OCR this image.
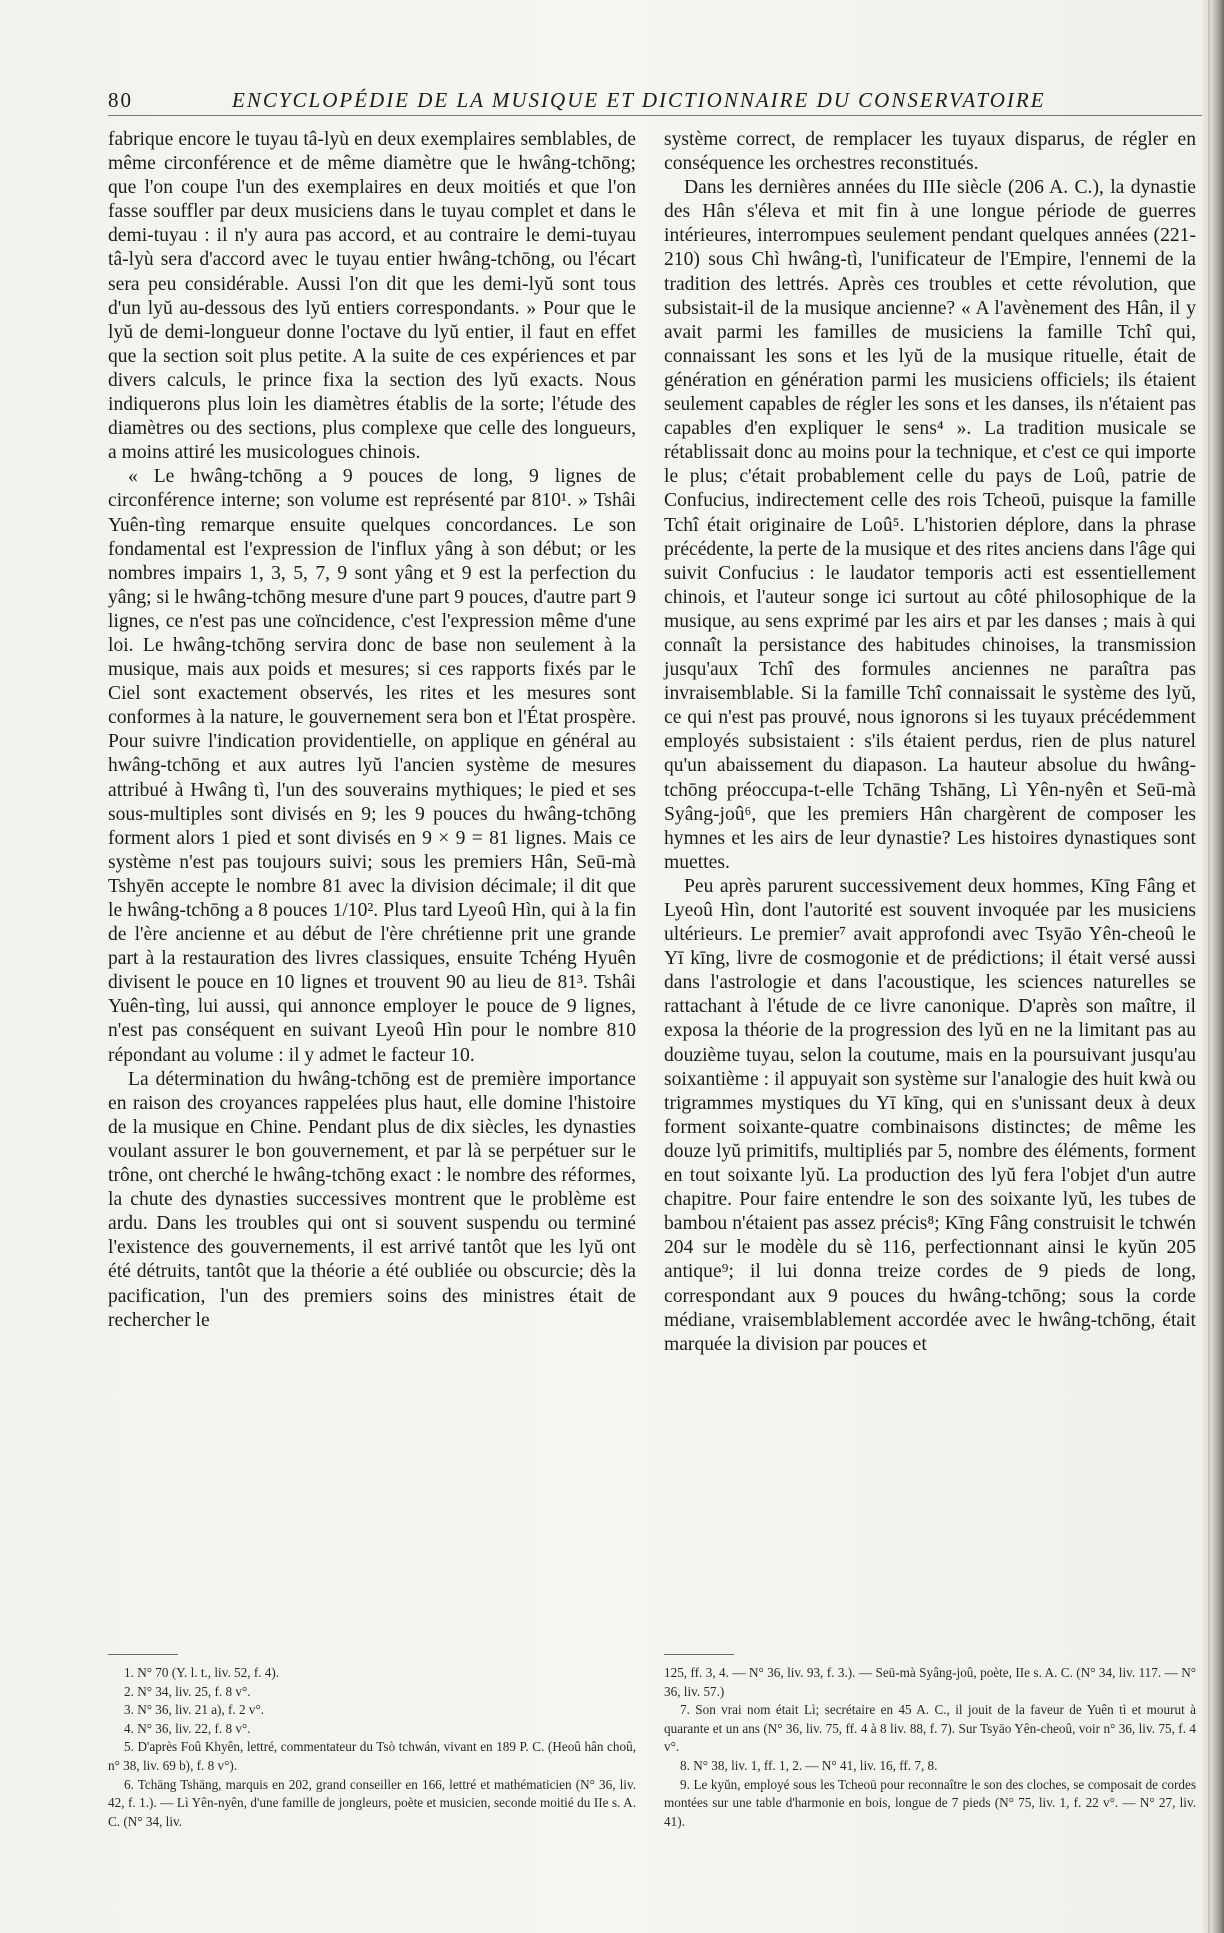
80	ENCYCLOPÉDIE DE LA MUSIQUE ET DICTIONNAIRE DU CONSERVATOIRE

fabrique encore le tuyau tâ-lyù en deux exemplaires semblables, de même circonférence et de même diamètre que le hwâng-tchōng; que l'on coupe l'un des exemplaires en deux moitiés et que l'on fasse souffler par deux musiciens dans le tuyau complet et dans le demi-tuyau : il n'y aura pas accord, et au contraire le demi-tuyau tâ-lyù sera d'accord avec le tuyau entier hwâng-tchōng, ou l'écart sera peu considérable. Aussi l'on dit que les demi-lyŭ sont tous d'un lyŭ au-dessous des lyŭ entiers correspondants. » Pour que le lyŭ de demi-longueur donne l'octave du lyŭ entier, il faut en effet que la section soit plus petite. A la suite de ces expériences et par divers calculs, le prince fixa la section des lyŭ exacts. Nous indiquerons plus loin les diamètres établis de la sorte; l'étude des diamètres ou des sections, plus complexe que celle des longueurs, a moins attiré les musicologues chinois.

« Le hwâng-tchōng a 9 pouces de long, 9 lignes de circonférence interne; son volume est représenté par 810¹. » Tshâi Yuên-tìng remarque ensuite quelques concordances. Le son fondamental est l'expression de l'influx yâng à son début; or les nombres impairs 1, 3, 5, 7, 9 sont yâng et 9 est la perfection du yâng; si le hwâng-tchōng mesure d'une part 9 pouces, d'autre part 9 lignes, ce n'est pas une coïncidence, c'est l'expression même d'une loi. Le hwâng-tchōng servira donc de base non seulement à la musique, mais aux poids et mesures; si ces rapports fixés par le Ciel sont exactement observés, les rites et les mesures sont conformes à la nature, le gouvernement sera bon et l'État prospère. Pour suivre l'indication providentielle, on applique en général au hwâng-tchōng et aux autres lyŭ l'ancien système de mesures attribué à Hwâng tì, l'un des souverains mythiques; le pied et ses sous-multiples sont divisés en 9; les 9 pouces du hwâng-tchōng forment alors 1 pied et sont divisés en 9 × 9 = 81 lignes. Mais ce système n'est pas toujours suivi; sous les premiers Hân, Seū-mà Tshyēn accepte le nombre 81 avec la division décimale; il dit que le hwâng-tchōng a 8 pouces 1/10². Plus tard Lyeoû Hìn, qui à la fin de l'ère ancienne et au début de l'ère chrétienne prit une grande part à la restauration des livres classiques, ensuite Tchéng Hyuên divisent le pouce en 10 lignes et trouvent 90 au lieu de 81³. Tshâi Yuên-tìng, lui aussi, qui annonce employer le pouce de 9 lignes, n'est pas conséquent en suivant Lyeoû Hìn pour le nombre 810 répondant au volume : il y admet le facteur 10.

La détermination du hwâng-tchōng est de première importance en raison des croyances rappelées plus haut, elle domine l'histoire de la musique en Chine. Pendant plus de dix siècles, les dynasties voulant assurer le bon gouvernement, et par là se perpétuer sur le trône, ont cherché le hwâng-tchōng exact : le nombre des réformes, la chute des dynasties successives montrent que le problème est ardu. Dans les troubles qui ont si souvent suspendu ou terminé l'existence des gouvernements, il est arrivé tantôt que les lyŭ ont été détruits, tantôt que la théorie a été oubliée ou obscurcie; dès la pacification, l'un des premiers soins des ministres était de rechercher le

système correct, de remplacer les tuyaux disparus, de régler en conséquence les orchestres reconstitués.

Dans les dernières années du IIIe siècle (206 A. C.), la dynastie des Hân s'éleva et mit fin à une longue période de guerres intérieures, interrompues seulement pendant quelques années (221-210) sous Chì hwâng-tì, l'unificateur de l'Empire, l'ennemi de la tradition des lettrés. Après ces troubles et cette révolution, que subsistait-il de la musique ancienne? « A l'avènement des Hân, il y avait parmi les familles de musiciens la famille Tchî qui, connaissant les sons et les lyŭ de la musique rituelle, était de génération en génération parmi les musiciens officiels; ils étaient seulement capables de régler les sons et les danses, ils n'étaient pas capables d'en expliquer le sens⁴ ». La tradition musicale se rétablissait donc au moins pour la technique, et c'est ce qui importe le plus; c'était probablement celle du pays de Loû, patrie de Confucius, indirectement celle des rois Tcheoū, puisque la famille Tchî était originaire de Loû⁵. L'historien déplore, dans la phrase précédente, la perte de la musique et des rites anciens dans l'âge qui suivit Confucius : le laudator temporis acti est essentiellement chinois, et l'auteur songe ici surtout au côté philosophique de la musique, au sens exprimé par les airs et par les danses ; mais à qui connaît la persistance des habitudes chinoises, la transmission jusqu'aux Tchî des formules anciennes ne paraîtra pas invraisemblable. Si la famille Tchî connaissait le système des lyŭ, ce qui n'est pas prouvé, nous ignorons si les tuyaux précédemment employés subsistaient : s'ils étaient perdus, rien de plus naturel qu'un abaissement du diapason. La hauteur absolue du hwâng-tchōng préoccupa-t-elle Tchāng Tshāng, Lì Yên-nyên et Seū-mà Syâng-joû⁶, que les premiers Hân chargèrent de composer les hymnes et les airs de leur dynastie? Les histoires dynastiques sont muettes.

Peu après parurent successivement deux hommes, Kīng Fâng et Lyeoû Hìn, dont l'autorité est souvent invoquée par les musiciens ultérieurs. Le premier⁷ avait approfondi avec Tsyāo Yên-cheoû le Yī kīng, livre de cosmogonie et de prédictions; il était versé aussi dans l'astrologie et dans l'acoustique, les sciences naturelles se rattachant à l'étude de ce livre canonique. D'après son maître, il exposa la théorie de la progression des lyŭ en ne la limitant pas au douzième tuyau, selon la coutume, mais en la poursuivant jusqu'au soixantième : il appuyait son système sur l'analogie des huit kwà ou trigrammes mystiques du Yī kīng, qui en s'unissant deux à deux forment soixante-quatre combinaisons distinctes; de même les douze lyŭ primitifs, multipliés par 5, nombre des éléments, forment en tout soixante lyŭ. La production des lyŭ fera l'objet d'un autre chapitre. Pour faire entendre le son des soixante lyŭ, les tubes de bambou n'étaient pas assez précis⁸; Kīng Fâng construisit le tchwén 204 sur le modèle du sè 116, perfectionnant ainsi le kyŭn 205 antique⁹; il lui donna treize cordes de 9 pieds de long, correspondant aux 9 pouces du hwâng-tchōng; sous la corde médiane, vraisemblablement accordée avec le hwâng-tchōng, était marquée la division par pouces et

1. N° 70 (Y. l. t., liv. 52, f. 4).

2. N° 34, liv. 25, f. 8 v°.

3. N° 36, liv. 21 a), f. 2 v°.

4. N° 36, liv. 22, f. 8 v°.

5. D'après Foû Khyên, lettré, commentateur du Tsò tchwán, vivant en 189 P. C. (Heoû hân choû, n° 38, liv. 69 b), f. 8 v°).

6. Tchāng Tshāng, marquis en 202, grand conseiller en 166, lettré et mathématicien (N° 36, liv. 42, f. 1.). — Lì Yên-nyên, d'une famille de jongleurs, poète et musicien, seconde moitié du IIe s. A. C. (N° 34, liv.

125, ff. 3, 4. — N° 36, liv. 93, f. 3.). — Seū-mà Syâng-joû, poète, IIe s. A. C. (N° 34, liv. 117. — N° 36, liv. 57.)

7. Son vrai nom était Lì; secrétaire en 45 A. C., il jouit de la faveur de Yuên tì et mourut à quarante et un ans (N° 36, liv. 75, ff. 4 à 8 liv. 88, f. 7). Sur Tsyāo Yên-cheoû, voir n° 36, liv. 75, f. 4 v°.

8. N° 38, liv. 1, ff. 1, 2. — N° 41, liv. 16, ff. 7, 8.

9. Le kyŭn, employé sous les Tcheoū pour reconnaître le son des cloches, se composait de cordes montées sur une table d'harmonie en bois, longue de 7 pieds (N° 75, liv. 1, f. 22 v°. — N° 27, liv. 41).
